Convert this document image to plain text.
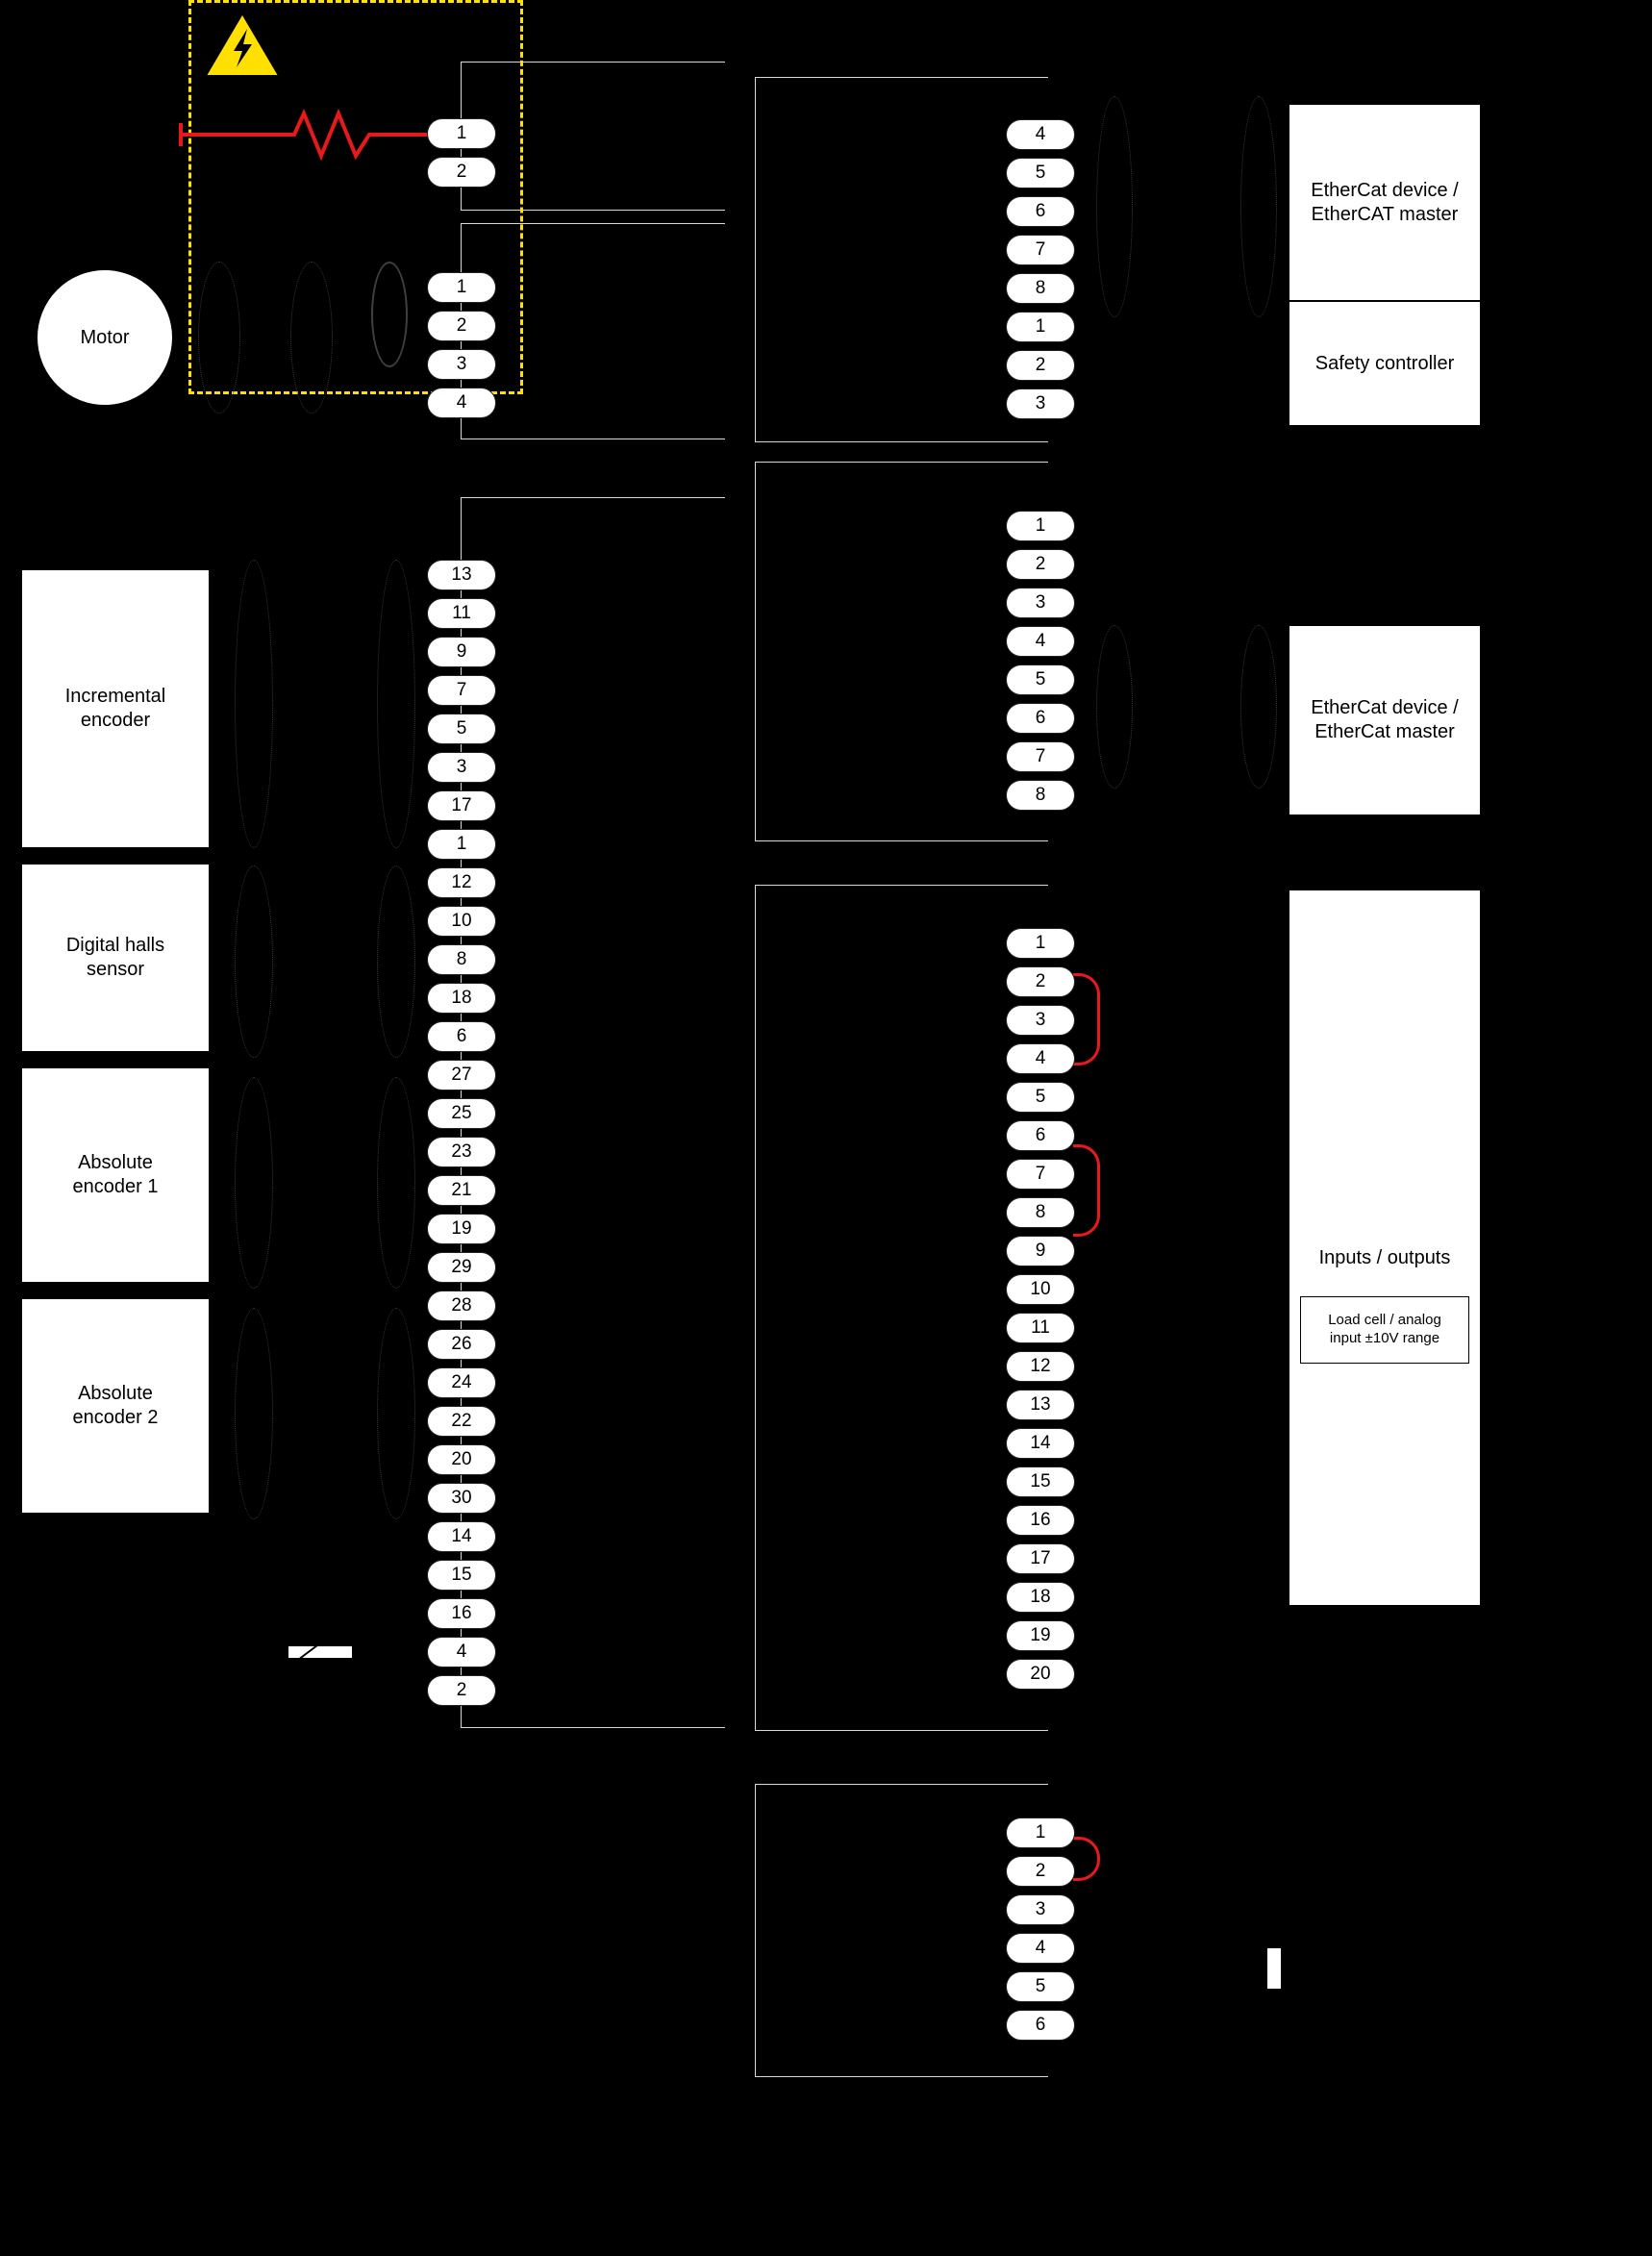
Motor
Incremental
encoder
Digital halls
sensor
Absolute
encoder 1
Absolute
encoder 2
EtherCat device /
EtherCAT master
Safety controller
EtherCat device /
EtherCat master
Inputs / outputs
Load cell / analog
input ±10V range
1
2
1
2
3
4
13
11
9
7
5
3
17
1
12
10
8
18
6
27
25
23
21
19
29
28
26
24
22
20
30
14
15
16
4
2
4
5
6
7
8
1
2
3
1
2
3
4
5
6
7
8
1
2
3
4
5
6
7
8
9
10
11
12
13
14
15
16
17
18
19
20
1
2
3
4
5
6
